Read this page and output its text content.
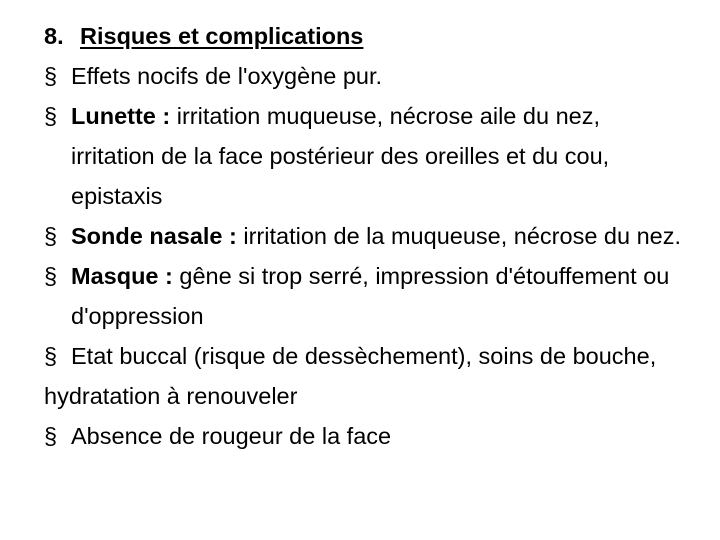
8. Risques et complications
§ Effets nocifs de l'oxygène pur.
§ Lunette : irritation muqueuse, nécrose aile du nez, irritation de la face postérieur des oreilles et du cou, epistaxis
§ Sonde nasale : irritation de la muqueuse, nécrose du nez.
§ Masque : gêne si trop serré, impression d'étouffement ou d'oppression
§ Etat buccal (risque de dessèchement), soins de bouche, hydratation à renouveler
§ Absence de rougeur de la face
